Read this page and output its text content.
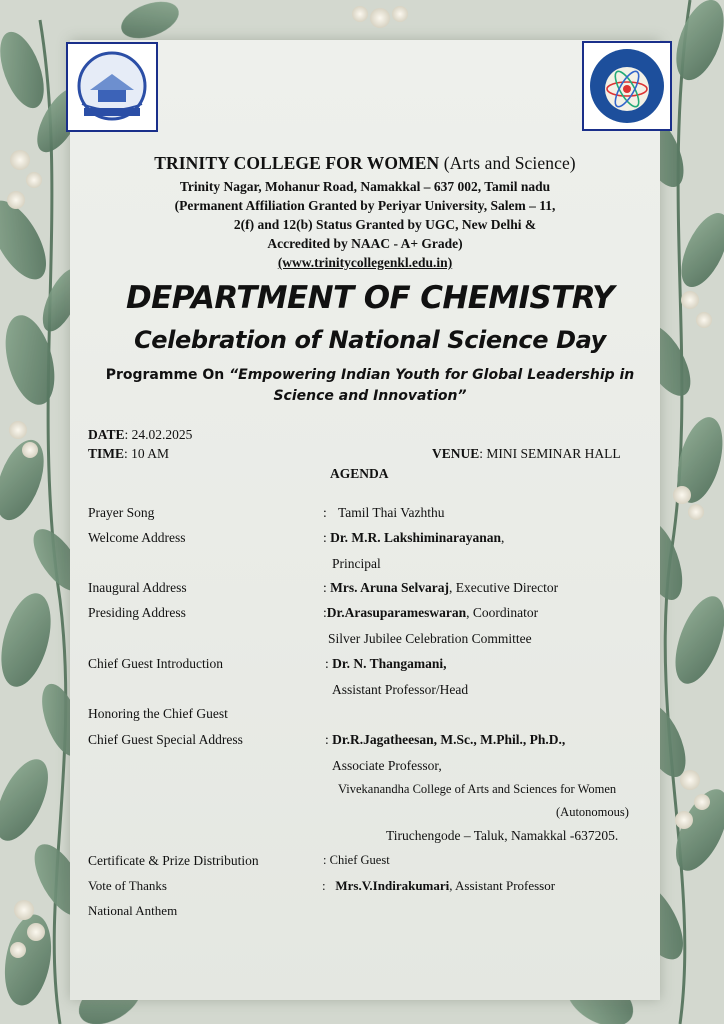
TRINITY COLLEGE FOR WOMEN (Arts and Science)
Trinity Nagar, Mohanur Road, Namakkal – 637 002, Tamil nadu
(Permanent Affiliation Granted by Periyar University, Salem – 11,
2(f) and 12(b) Status Granted by UGC, New Delhi &
Accredited by NAAC - A+ Grade)
(www.trinitycollegenkl.edu.in)
DEPARTMENT OF CHEMISTRY
Celebration of National Science Day
Programme On “Empowering Indian Youth for Global Leadership in
Science and Innovation”
DATE: 24.02.2025
TIME: 10 AM	VENUE: MINI SEMINAR HALL
AGENDA
Prayer Song	: Tamil Thai Vazhthu
Welcome Address	: Dr. M.R. Lakshiminarayanan,
Principal
Inaugural Address	: Mrs. Aruna Selvaraj, Executive Director
Presiding Address	:Dr.Arasuparameswaran, Coordinator
Silver Jubilee Celebration Committee
Chief Guest Introduction	: Dr. N. Thangamani,
Assistant Professor/Head
Honoring the Chief Guest
Chief Guest Special Address	: Dr.R.Jagatheesan, M.Sc., M.Phil., Ph.D.,
Associate Professor,
Vivekanandha College of Arts and Sciences for Women
(Autonomous)
Tiruchengode – Taluk, Namakkal -637205.
Certificate & Prize Distribution	: Chief Guest
Vote of Thanks	: Mrs.V.Indirakumari, Assistant Professor
National Anthem
